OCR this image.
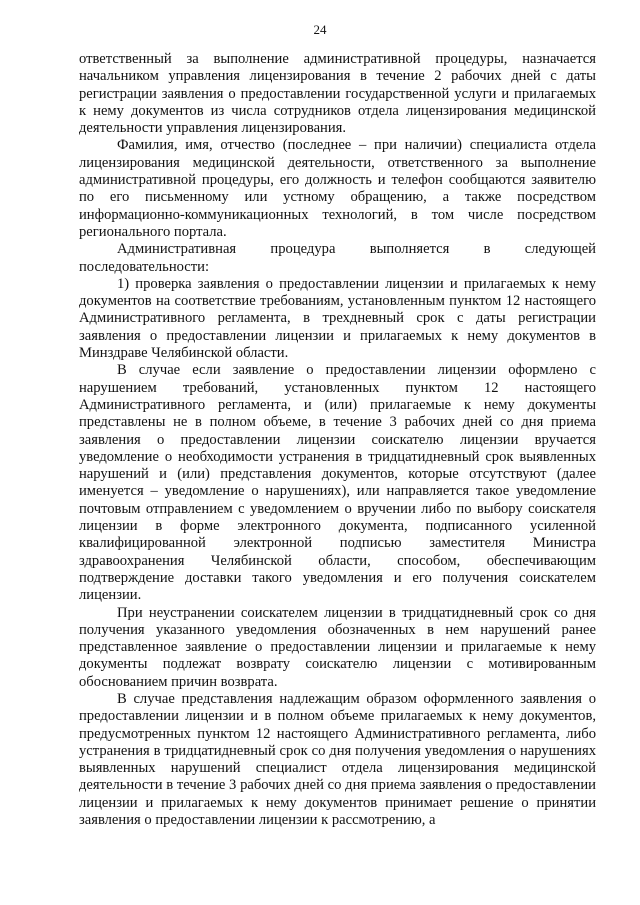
24

ответственный за выполнение административной процедуры, назначается начальником управления лицензирования в течение 2 рабочих дней с даты регистрации заявления о предоставлении государственной услуги и прилагаемых к нему документов из числа сотрудников отдела лицензирования медицинской деятельности управления лицензирования.

Фамилия, имя, отчество (последнее – при наличии) специалиста отдела лицензирования медицинской деятельности, ответственного за выполнение административной процедуры, его должность и телефон сообщаются заявителю по его письменному или устному обращению, а также посредством информационно-коммуникационных технологий, в том числе посредством регионального портала.

Административная процедура выполняется в следующей последовательности:

1) проверка заявления о предоставлении лицензии и прилагаемых к нему документов на соответствие требованиям, установленным пунктом 12 настоящего Административного регламента, в трехдневный срок с даты регистрации заявления о предоставлении лицензии и прилагаемых к нему документов в Минздраве Челябинской области.

В случае если заявление о предоставлении лицензии оформлено с нарушением требований, установленных пунктом 12 настоящего Административного регламента, и (или) прилагаемые к нему документы представлены не в полном объеме, в течение 3 рабочих дней со дня приема заявления о предоставлении лицензии соискателю лицензии вручается уведомление о необходимости устранения в тридцатидневный срок выявленных нарушений и (или) представления документов, которые отсутствуют (далее именуется – уведомление о нарушениях), или направляется такое уведомление почтовым отправлением с уведомлением о вручении либо по выбору соискателя лицензии в форме электронного документа, подписанного усиленной квалифицированной электронной подписью заместителя Министра здравоохранения Челябинской области, способом, обеспечивающим подтверждение доставки такого уведомления и его получения соискателем лицензии.

При неустранении соискателем лицензии в тридцатидневный срок со дня получения указанного уведомления обозначенных в нем нарушений ранее представленное заявление о предоставлении лицензии и прилагаемые к нему документы подлежат возврату соискателю лицензии с мотивированным обоснованием причин возврата.

В случае представления надлежащим образом оформленного заявления о предоставлении лицензии и в полном объеме прилагаемых к нему документов, предусмотренных пунктом 12 настоящего Административного регламента, либо устранения в тридцатидневный срок со дня получения уведомления о нарушениях выявленных нарушений специалист отдела лицензирования медицинской деятельности в течение 3 рабочих дней со дня приема заявления о предоставлении лицензии и прилагаемых к нему документов принимает решение о принятии заявления о предоставлении лицензии к рассмотрению, а
